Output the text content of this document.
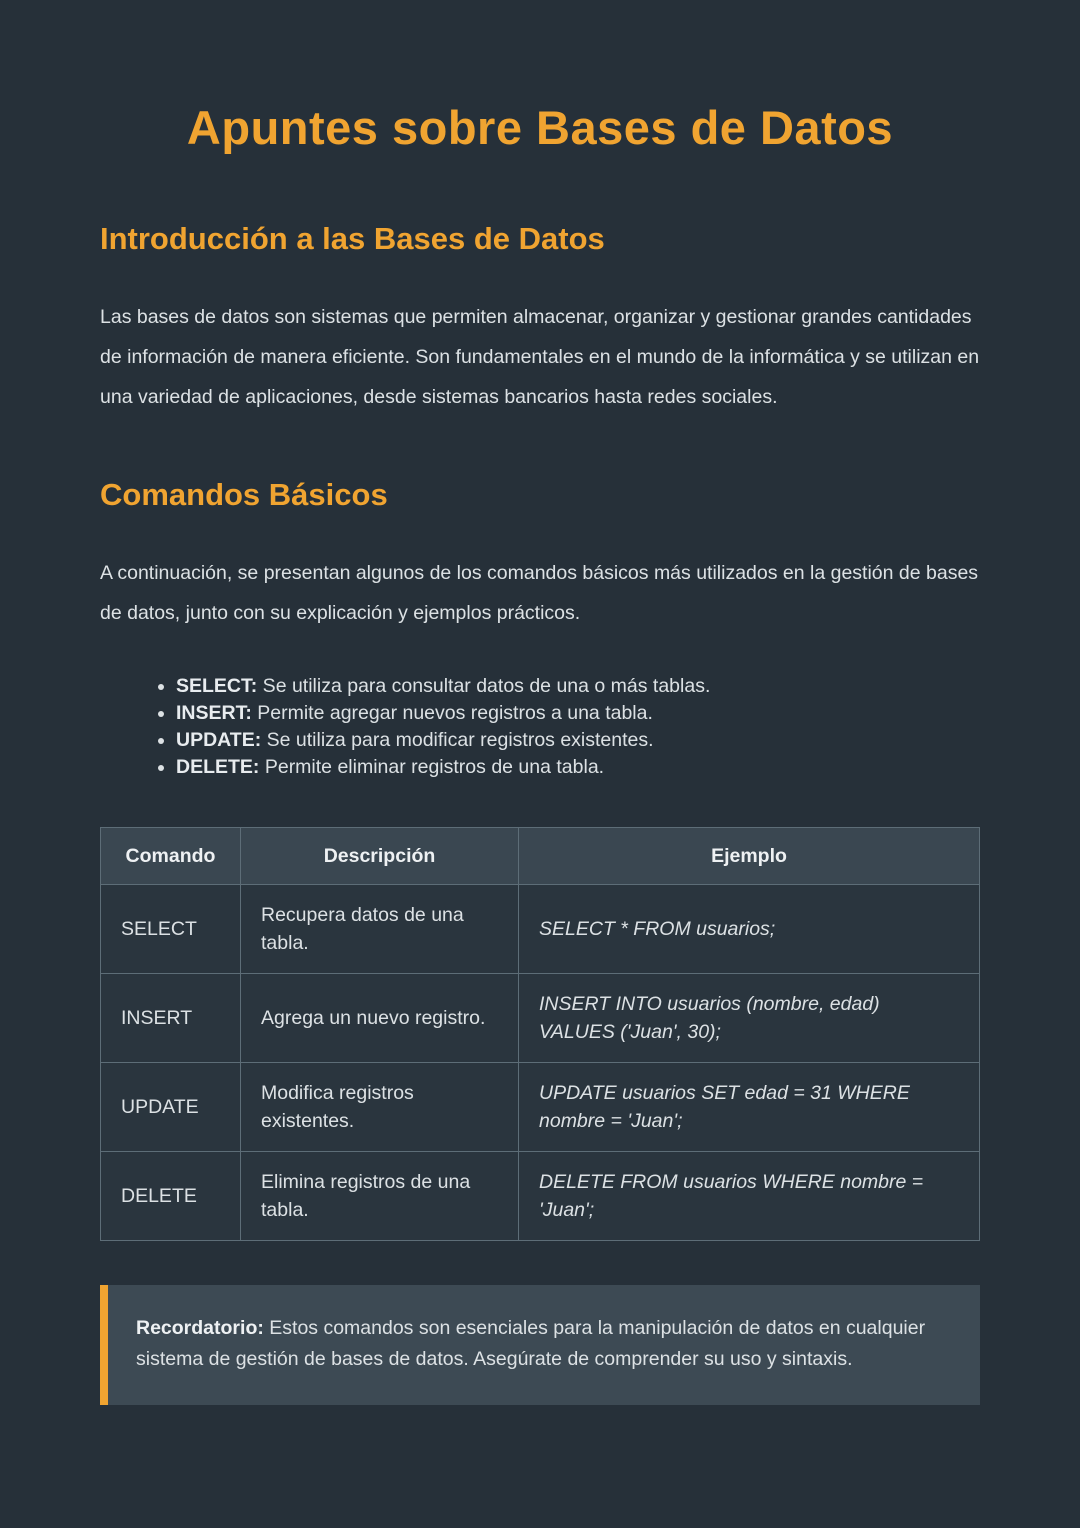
Apuntes sobre Bases de Datos
Introducción a las Bases de Datos

Las bases de datos son sistemas que permiten almacenar, organizar y gestionar grandes cantidades de información de manera eficiente. Son fundamentales en el mundo de la informática y se utilizan en una variedad de aplicaciones, desde sistemas bancarios hasta redes sociales.

Comandos Básicos

A continuación, se presentan algunos de los comandos básicos más utilizados en la gestión de bases de datos, junto con su explicación y ejemplos prácticos.

• SELECT: Se utiliza para consultar datos de una o más tablas.
• INSERT: Permite agregar nuevos registros a una tabla.
• UPDATE: Se utiliza para modificar registros existentes.
• DELETE: Permite eliminar registros de una tabla.
Comando	Descripción	Ejemplo
SELECT	Recupera datos de una tabla.	SELECT * FROM usuarios;
INSERT	Agrega un nuevo registro.	INSERT INTO usuarios (nombre, edad) VALUES ('Juan', 30);
UPDATE	Modifica registros existentes.	UPDATE usuarios SET edad = 31 WHERE nombre = 'Juan';
DELETE	Elimina registros de una tabla.	DELETE FROM usuarios WHERE nombre = 'Juan';

Recordatorio: Estos comandos son esenciales para la manipulación de datos en cualquier sistema de gestión de bases de datos. Asegúrate de comprender su uso y sintaxis.
